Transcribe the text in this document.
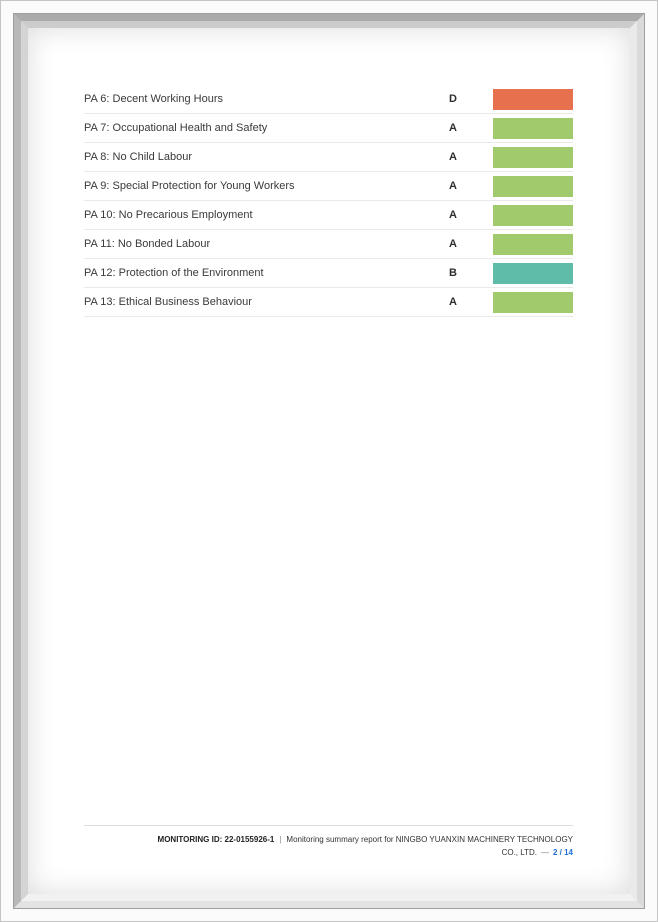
PA 6: Decent Working Hours	D
PA 7: Occupational Health and Safety	A
PA 8: No Child Labour	A
PA 9: Special Protection for Young Workers	A
PA 10: No Precarious Employment	A
PA 11: No Bonded Labour	A
PA 12: Protection of the Environment	B
PA 13: Ethical Business Behaviour	A
MONITORING ID: 22-0155926-1 | Monitoring summary report for NINGBO YUANXIN MACHINERY TECHNOLOGY
CO., LTD. — 2 / 14
